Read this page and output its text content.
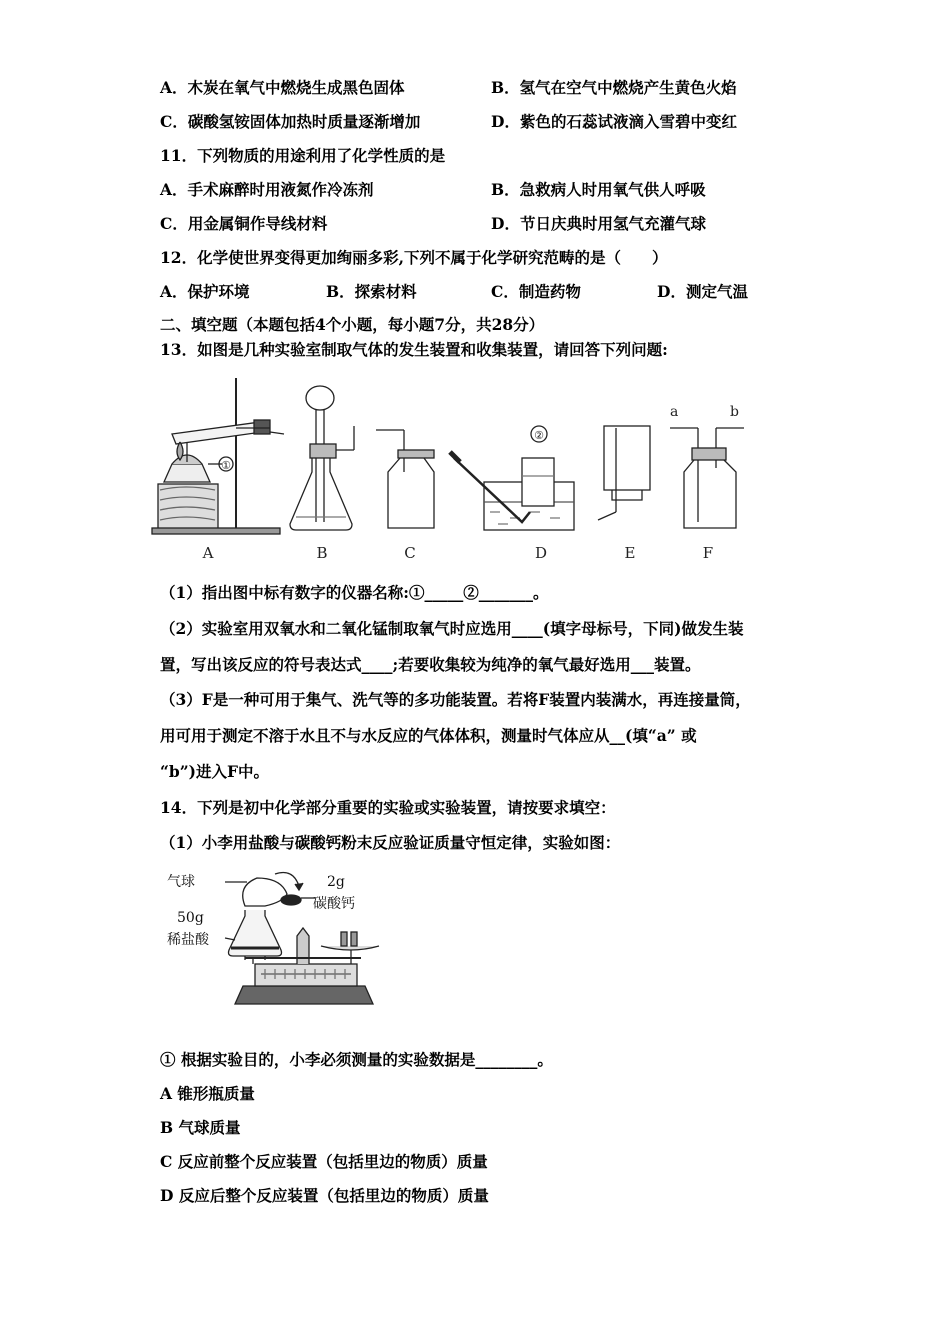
A．木炭在氧气中燃烧生成黑色固体	B．氢气在空气中燃烧产生黄色火焰
C．碳酸氢铵固体加热时质量逐渐增加	D．紫色的石蕊试液滴入雪碧中变红
11．下列物质的用途利用了化学性质的是
A．手术麻醉时用液氮作冷冻剂	B．急救病人时用氧气供人呼吸
C．用金属铜作导线材料	D．节日庆典时用氢气充灌气球
12．化学使世界变得更加绚丽多彩,下列不属于化学研究范畴的是（　　）
A．保护环境	B．探索材料	C．制造药物	D．测定气温
二、填空题（本题包括4个小题，每小题7分，共28分）
13．如图是几种实验室制取气体的发生装置和收集装置，请回答下列问题:
①
②
a	b
A	B	C	D	E	F
（1）指出图中标有数字的仪器名称:①_____②_______。
（2）实验室用双氧水和二氧化锰制取氧气时应选用____(填字母标号，下同)做发生装
置，写出该反应的符号表达式____;若要收集较为纯净的氧气最好选用___装置。
（3）F是一种可用于集气、洗气等的多功能装置。若将F装置内装满水，再连接量筒，
用可用于测定不溶于水且不与水反应的气体体积，测量时气体应从__(填“a” 或
“b”)进入F中。
14．下列是初中化学部分重要的实验或实验装置，请按要求填空：
（1）小李用盐酸与碳酸钙粉末反应验证质量守恒定律，实验如图：
气球	2g
碳酸钙
50g
稀盐酸
① 根据实验目的，小李必须测量的实验数据是________。
A 锥形瓶质量
B 气球质量
C 反应前整个反应装置（包括里边的物质）质量
D 反应后整个反应装置（包括里边的物质）质量
